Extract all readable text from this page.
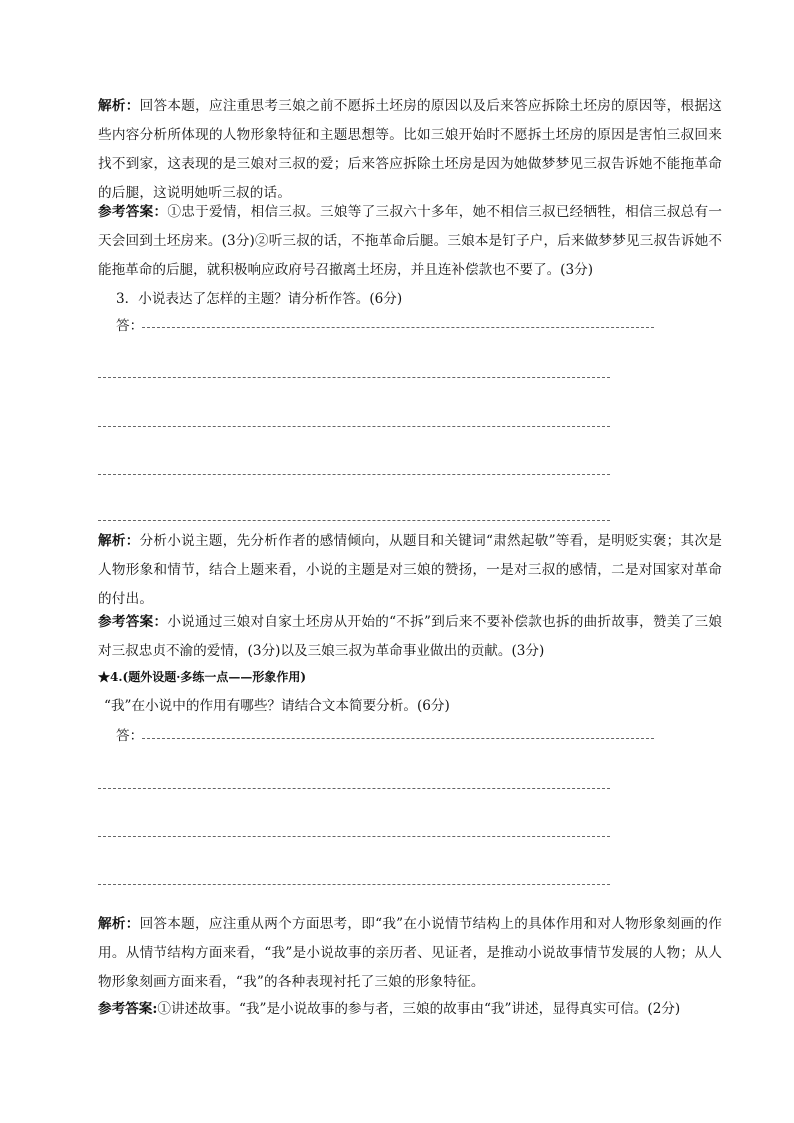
解析：回答本题，应注重思考三娘之前不愿拆土坯房的原因以及后来答应拆除土坯房的原因等，根据这些内容分析所体现的人物形象特征和主题思想等。比如三娘开始时不愿拆土坯房的原因是害怕三叔回来找不到家，这表现的是三娘对三叔的爱；后来答应拆除土坯房是因为她做梦梦见三叔告诉她不能拖革命的后腿，这说明她听三叔的话。
参考答案：①忠于爱情，相信三叔。三娘等了三叔六十多年，她不相信三叔已经牺牲，相信三叔总有一天会回到土坯房来。(3分)②听三叔的话，不拖革命后腿。三娘本是钉子户，后来做梦梦见三叔告诉她不能拖革命的后腿，就积极响应政府号召撤离土坯房，并且连补偿款也不要了。(3分)
3．小说表达了怎样的主题？请分析作答。(6分)
答：
解析：分析小说主题，先分析作者的感情倾向，从题目和关键词“肃然起敬”等看，是明贬实褒；其次是人物形象和情节，结合上题来看，小说的主题是对三娘的赞扬，一是对三叔的感情，二是对国家对革命的付出。
参考答案：小说通过三娘对自家土坯房从开始的“不拆”到后来不要补偿款也拆的曲折故事，赞美了三娘对三叔忠贞不渝的爱情，(3分)以及三娘三叔为革命事业做出的贡献。(3分)
★4.(题外设题·多练一点——形象作用)
“我”在小说中的作用有哪些？请结合文本简要分析。(6分)
答：
解析：回答本题，应注重从两个方面思考，即“我”在小说情节结构上的具体作用和对人物形象刻画的作用。从情节结构方面来看，“我”是小说故事的亲历者、见证者，是推动小说故事情节发展的人物；从人物形象刻画方面来看，“我”的各种表现衬托了三娘的形象特征。
参考答案:①讲述故事。“我”是小说故事的参与者，三娘的故事由“我”讲述，显得真实可信。(2分)
